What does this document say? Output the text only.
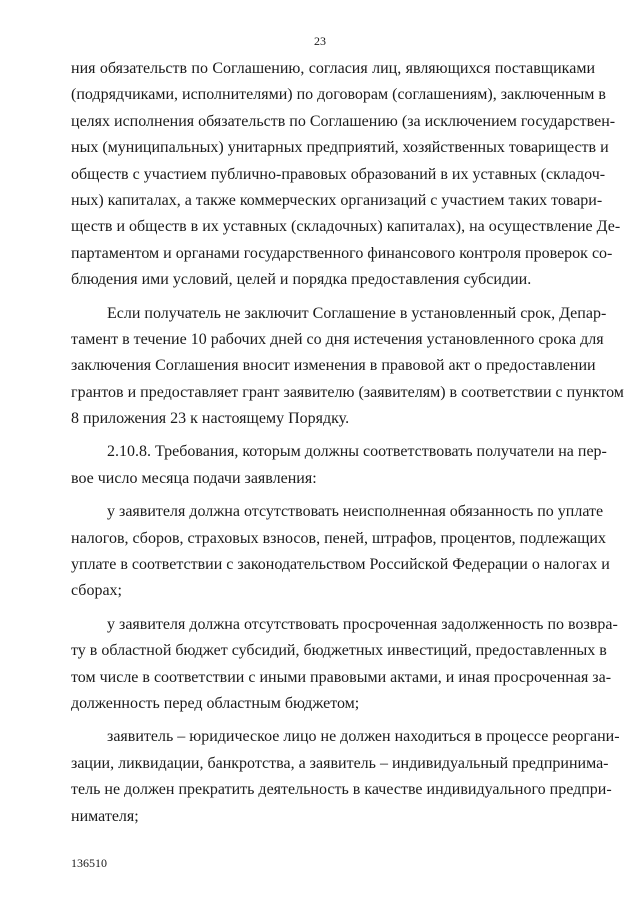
23
ния обязательств по Соглашению, согласия лиц, являющихся поставщиками
(подрядчиками, исполнителями) по договорам (соглашениям), заключенным в
целях исполнения обязательств по Соглашению (за исключением государствен-
ных (муниципальных) унитарных предприятий, хозяйственных товариществ и
обществ с участием публично-правовых образований в их уставных (складоч-
ных) капиталах, а также коммерческих организаций с участием таких товари-
ществ и обществ в их уставных (складочных) капиталах), на осуществление Де-
партаментом и органами государственного финансового контроля проверок со-
блюдения ими условий, целей и порядка предоставления субсидии.
Если получатель не заключит Соглашение в установленный срок, Депар-
тамент в течение 10 рабочих дней со дня истечения установленного срока для
заключения Соглашения вносит изменения в правовой акт о предоставлении
грантов и предоставляет грант заявителю (заявителям) в соответствии с пунктом
8 приложения 23 к настоящему Порядку.
2.10.8. Требования, которым должны соответствовать получатели на пер-
вое число месяца подачи заявления:
у заявителя должна отсутствовать неисполненная обязанность по уплате
налогов, сборов, страховых взносов, пеней, штрафов, процентов, подлежащих
уплате в соответствии с законодательством Российской Федерации о налогах и
сборах;
у заявителя должна отсутствовать просроченная задолженность по возвра-
ту в областной бюджет субсидий, бюджетных инвестиций, предоставленных в
том числе в соответствии с иными правовыми актами, и иная просроченная за-
долженность перед областным бюджетом;
заявитель – юридическое лицо не должен находиться в процессе реоргани-
зации, ликвидации, банкротства, а заявитель – индивидуальный предпринима-
тель не должен прекратить деятельность в качестве индивидуального предпри-
нимателя;
136510
